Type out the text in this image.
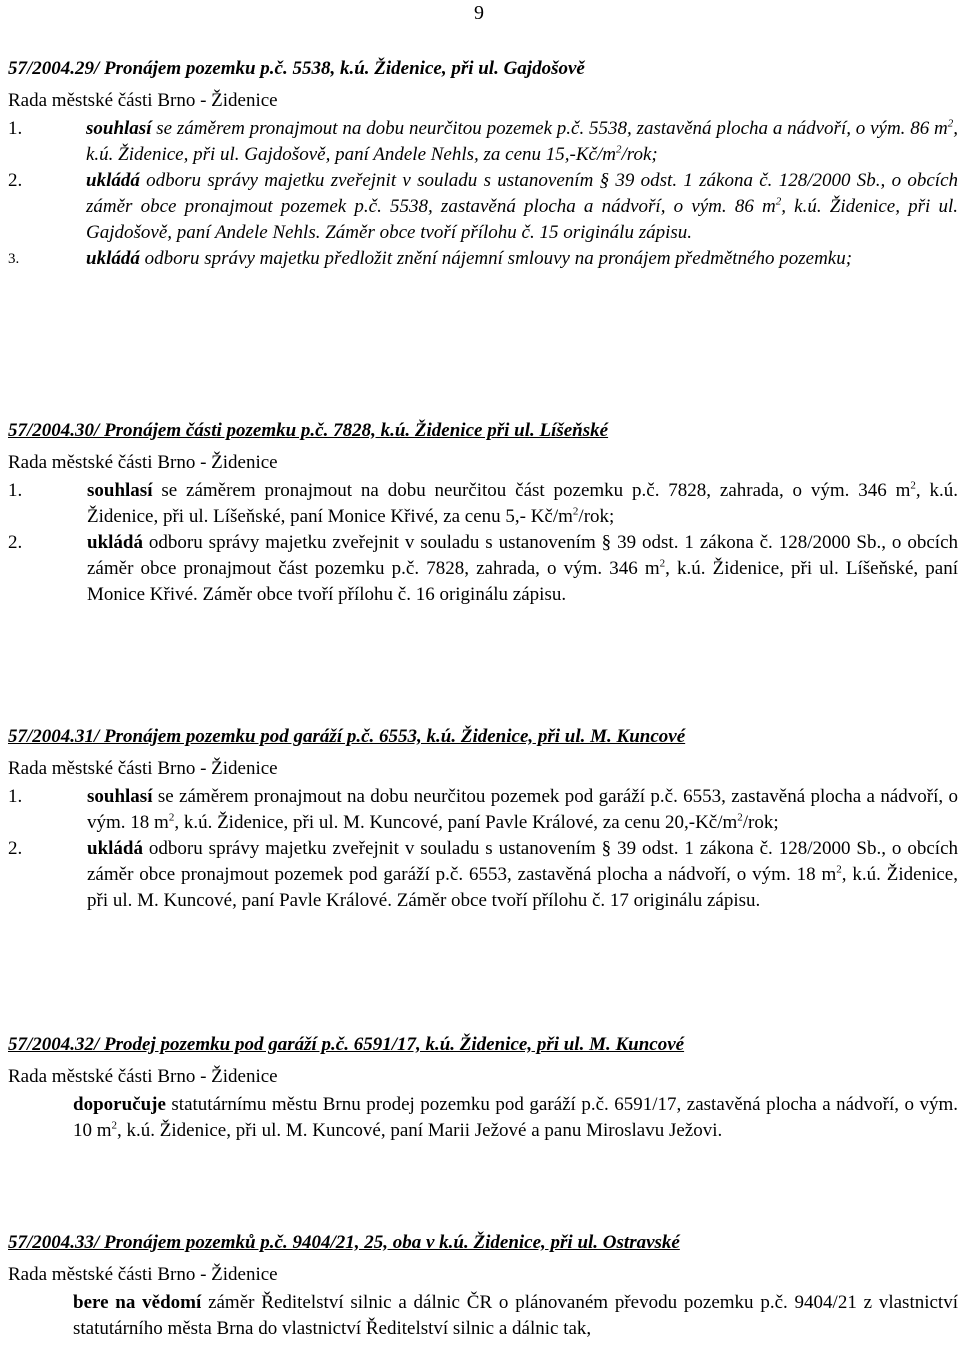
9
57/2004.29/ Pronájem pozemku p.č. 5538, k.ú. Židenice, při ul. Gajdošově
Rada městské části Brno - Židenice
1.	souhlasí se záměrem pronajmout na dobu neurčitou pozemek p.č. 5538, zastavěná plocha a nádvoří, o vým. 86 $m^2$, k.ú. Židenice, při ul. Gajdošově, paní Andele Nehls, za cenu $15,-Kč/m^2$/rok;
2.	ukládá odboru správy majetku zveřejnit v souladu s ustanovením § 39 odst. 1 zákona č. 128/2000 Sb., o obcích záměr obce pronajmout pozemek p.č. 5538, zastavěná plocha a nádvoří, o vým. 86 $m^2$, k.ú. Židenice, při ul. Gajdošově, paní Andele Nehls. Záměr obce tvoří přílohu č. 15 originálu zápisu.
3.	ukládá odboru správy majetku předložit znění nájemní smlouvy na pronájem předmětného pozemku;
57/2004.30/ Pronájem části pozemku p.č. 7828, k.ú. Židenice při ul. Líšeňské
Rada městské části Brno - Židenice
1.	souhlasí se záměrem pronajmout na dobu neurčitou část pozemku p.č. 7828, zahrada, o vým. 346 $m^2$, k.ú. Židenice, při ul. Líšeňské, paní Monice Křivé, za cenu 5,- $Kč/m^2$/rok;
2.	ukládá odboru správy majetku zveřejnit v souladu s ustanovením § 39 odst. 1 zákona č. 128/2000 Sb., o obcích záměr obce pronajmout část pozemku p.č. 7828, zahrada, o vým. 346 $m^2$, k.ú. Židenice, při ul. Líšeňské, paní Monice Křivé. Záměr obce tvoří přílohu č. 16 originálu zápisu.
57/2004.31/ Pronájem pozemku pod garáží p.č. 6553, k.ú. Židenice, při ul. M. Kuncové
Rada městské části Brno - Židenice
1.	souhlasí se záměrem pronajmout na dobu neurčitou pozemek pod garáží p.č. 6553, zastavěná plocha a nádvoří, o vým. 18 $m^2$, k.ú. Židenice, při ul. M. Kuncové, paní Pavle Králové, za cenu $20,-Kč/m^2$/rok;
2.	ukládá odboru správy majetku zveřejnit v souladu s ustanovením § 39 odst. 1 zákona č. 128/2000 Sb., o obcích záměr obce pronajmout pozemek pod garáží p.č. 6553, zastavěná plocha a nádvoří, o vým. 18 $m^2$, k.ú. Židenice, při ul. M. Kuncové, paní Pavle Králové. Záměr obce tvoří přílohu č. 17 originálu zápisu.
57/2004.32/ Prodej pozemku pod garáží p.č. 6591/17, k.ú. Židenice, při ul. M. Kuncové
Rada městské části Brno - Židenice
doporučuje statutárnímu městu Brnu prodej pozemku pod garáží p.č. 6591/17, zastavěná plocha a nádvoří, o vým. 10 $m^2$, k.ú. Židenice, při ul. M. Kuncové, paní Marii Ježové a panu Miroslavu Ježovi.
57/2004.33/ Pronájem pozemků p.č. 9404/21, 25, oba v k.ú. Židenice, při ul. Ostravské
Rada městské části Brno - Židenice
bere na vědomí záměr Ředitelství silnic a dálnic ČR o plánovaném převodu pozemku p.č. 9404/21 z vlastnictví statutárního města Brna do vlastnictví Ředitelství silnic a dálnic tak,
